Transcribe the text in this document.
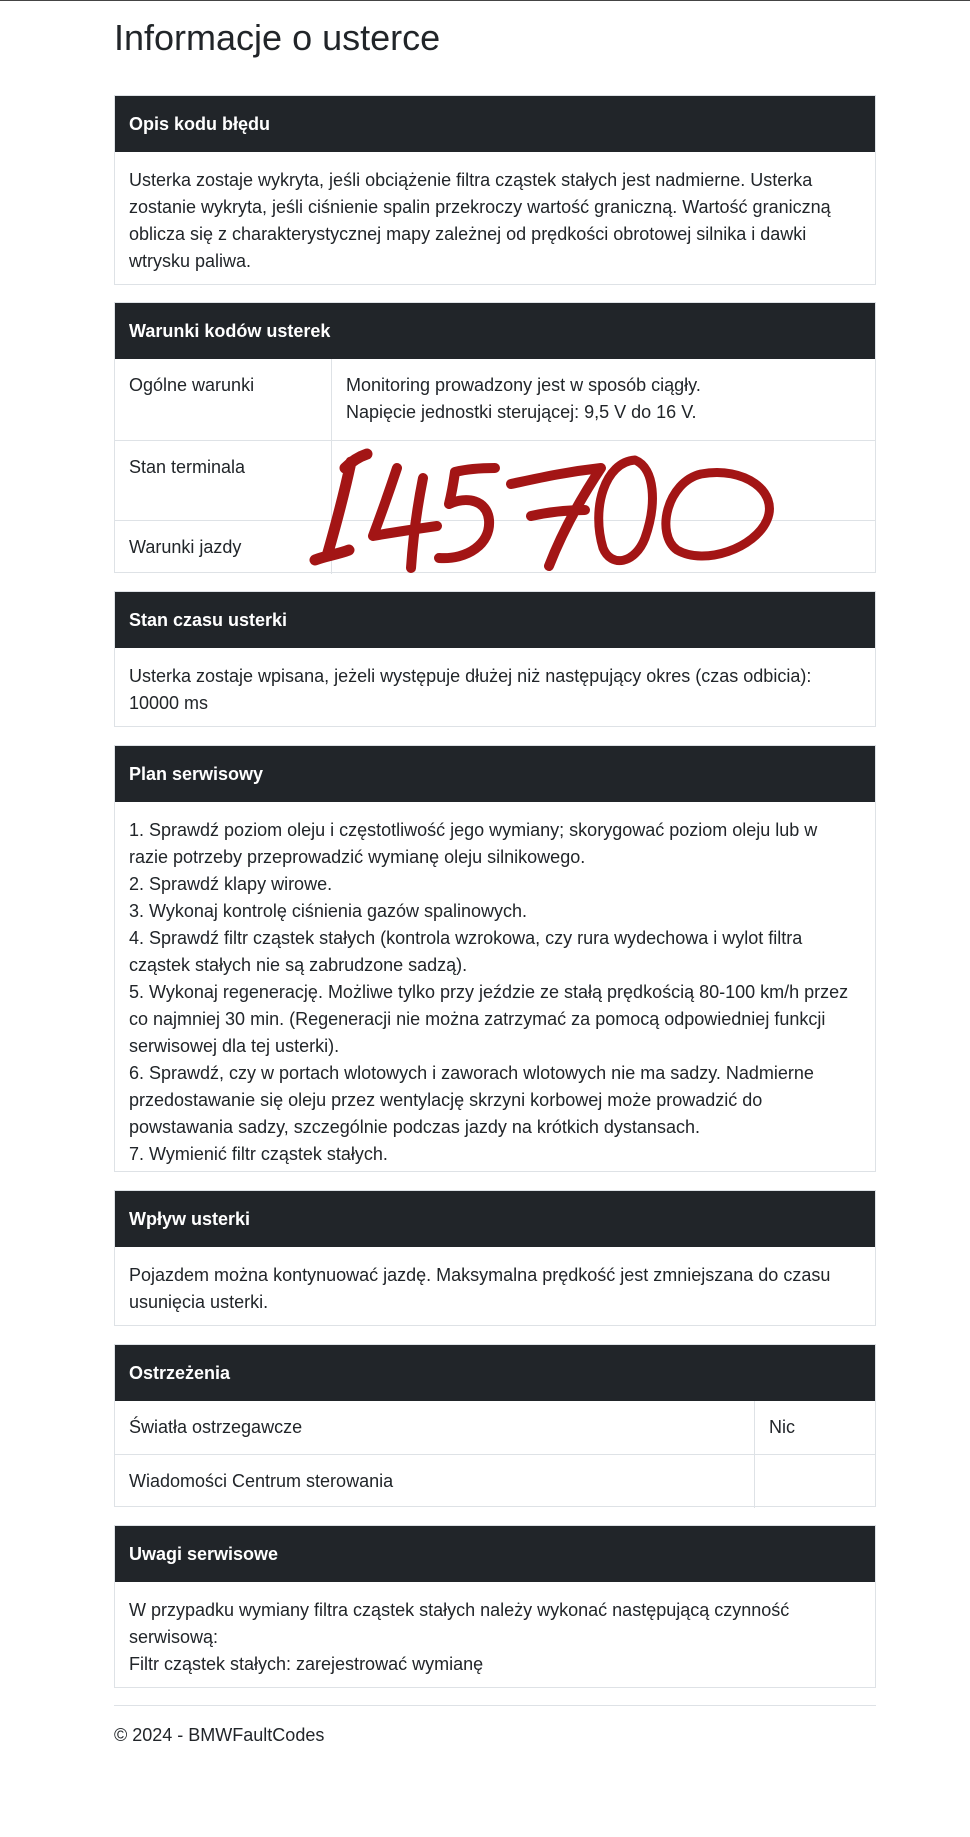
Informacje o usterce
Opis kodu błędu

Usterka zostaje wykryta, jeśli obciążenie filtra cząstek stałych jest nadmierne. Usterka zostanie wykryta, jeśli ciśnienie spalin przekroczy wartość graniczną. Wartość graniczną oblicza się z charakterystycznej mapy zależnej od prędkości obrotowej silnika i dawki wtrysku paliwa.

Warunki kodów usterek
Ogólne warunki	Monitoring prowadzony jest w sposób ciągły.
Napięcie jednostki sterującej: 9,5 V do 16 V.

Stan terminala	
Warunki jazdy	
Stan czasu usterki

Usterka zostaje wpisana, jeżeli występuje dłużej niż następujący okres (czas odbicia): 10000 ms

Plan serwisowy
1. Sprawdź poziom oleju i częstotliwość jego wymiany; skorygować poziom oleju lub w razie potrzeby przeprowadzić wymianę oleju silnikowego.
2. Sprawdź klapy wirowe.
3. Wykonaj kontrolę ciśnienia gazów spalinowych.
4. Sprawdź filtr cząstek stałych (kontrola wzrokowa, czy rura wydechowa i wylot filtra cząstek stałych nie są zabrudzone sadzą).
5. Wykonaj regenerację. Możliwe tylko przy jeździe ze stałą prędkością 80-100 km/h przez co najmniej 30 min. (Regeneracji nie można zatrzymać za pomocą odpowiedniej funkcji serwisowej dla tej usterki).
6. Sprawdź, czy w portach wlotowych i zaworach wlotowych nie ma sadzy. Nadmierne przedostawanie się oleju przez wentylację skrzyni korbowej może prowadzić do powstawania sadzy, szczególnie podczas jazdy na krótkich dystansach.
7. Wymienić filtr cząstek stałych.
Wpływ usterki

Pojazdem można kontynuować jazdę. Maksymalna prędkość jest zmniejszana do czasu usunięcia usterki.

Ostrzeżenia
Światła ostrzegawcze	Nic
Wiadomości Centrum sterowania	
Uwagi serwisowe
W przypadku wymiany filtra cząstek stałych należy wykonać następującą czynność serwisową:
Filtr cząstek stałych: zarejestrować wymianę
© 2024 - BMWFaultCodes
